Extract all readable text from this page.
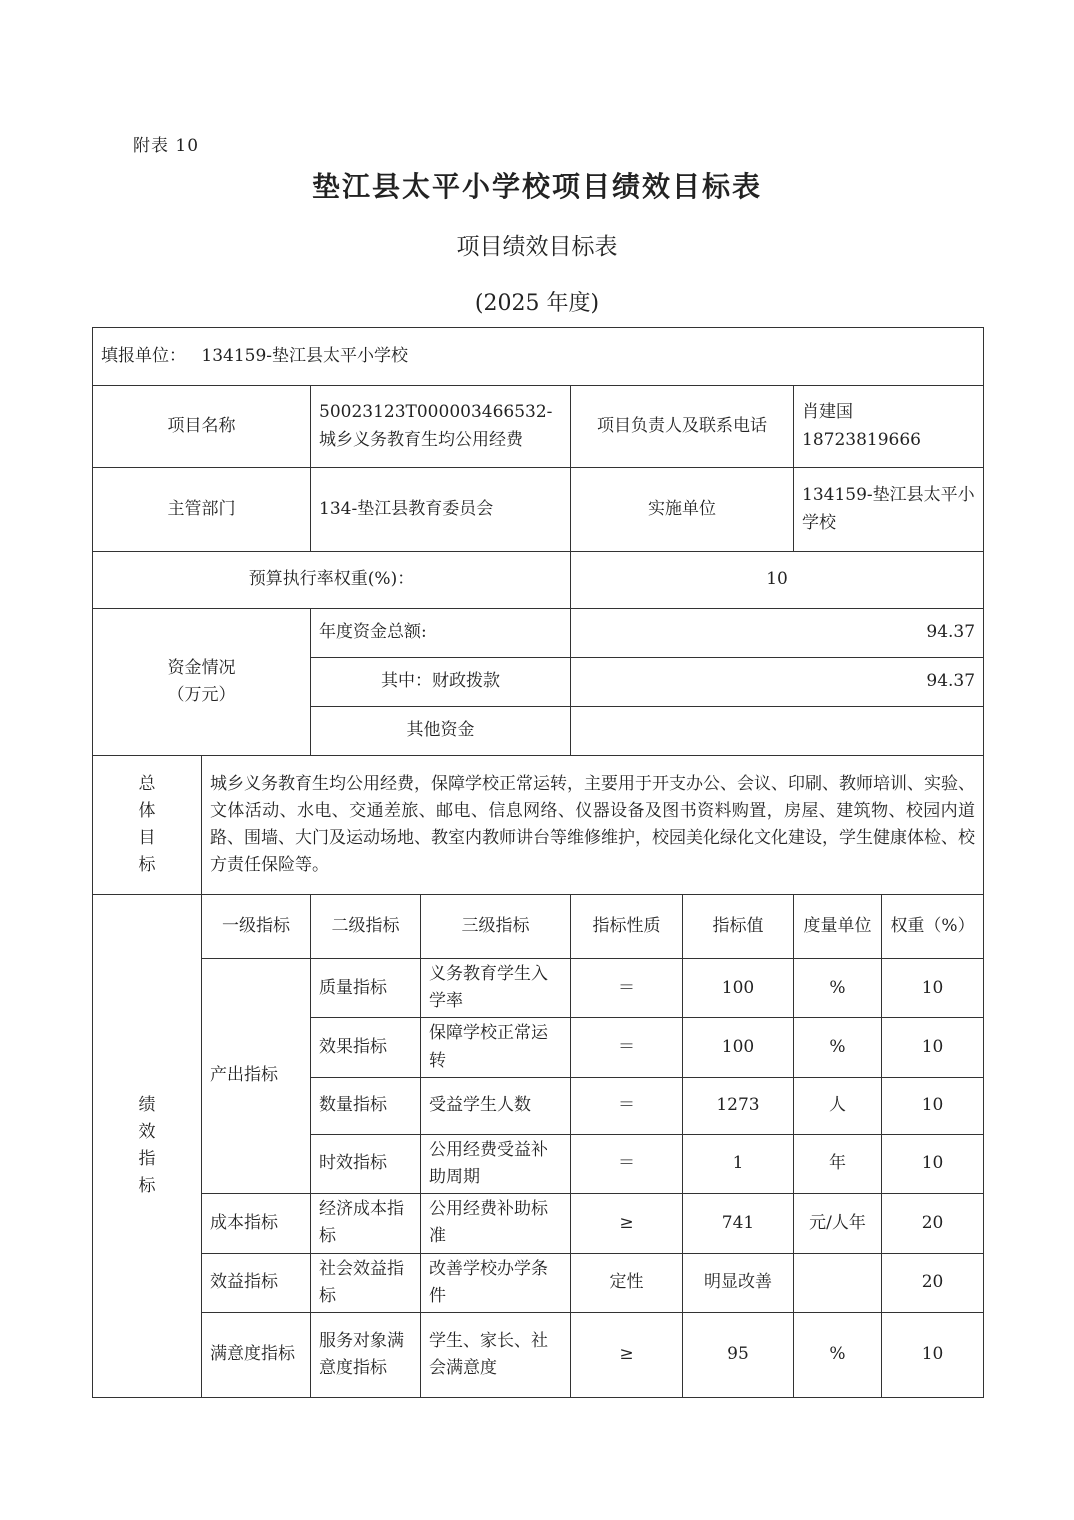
附表 10
垫江县太平小学校项目绩效目标表
项目绩效目标表
(2025 年度)
填报单位： 134159-垫江县太平小学校							
项目名称		50023123T000003466532-城乡义务教育生均公用经费		项目负责人及联系电话		肖建国
18723819666	

主管部门		134-垫江县教育委员会		实施单位		134159-垫江县太平小学校	
预算执行率权重(%)：				10			

资金情况
（万元）		年度资金总额:		94.37			
		其中：财政拨款		94.37			
		其他资金					

总
体
目
标	城乡义务教育生均公用经费，保障学校正常运转，主要用于开支办公、会议、印刷、教师培训、实验、文体活动、水电、交通差旅、邮电、信息网络、仪器设备及图书资料购置，房屋、建筑物、校园内道路、围墙、大门及运动场地、教室内教师讲台等维修维护，校园美化绿化文化建设，学生健康体检、校方责任保险等。						

绩
效
指
标	一级指标	二级指标	三级指标	指标性质	指标值	度量单位	权重（%）
	产出指标	质量指标	义务教育学生入学率	＝	100	%	10
		效果指标	保障学校正常运转	＝	100	%	10
		数量指标	受益学生人数	＝	1273	人	10
		时效指标	公用经费受益补助周期	＝	1	年	10
	成本指标	经济成本指标	公用经费补助标准	≥	741	元/人年	20
	效益指标	社会效益指标	改善学校办学条件	定性	明显改善		20
	满意度指标	服务对象满意度指标	学生、家长、社会满意度	≥	95	%	10
